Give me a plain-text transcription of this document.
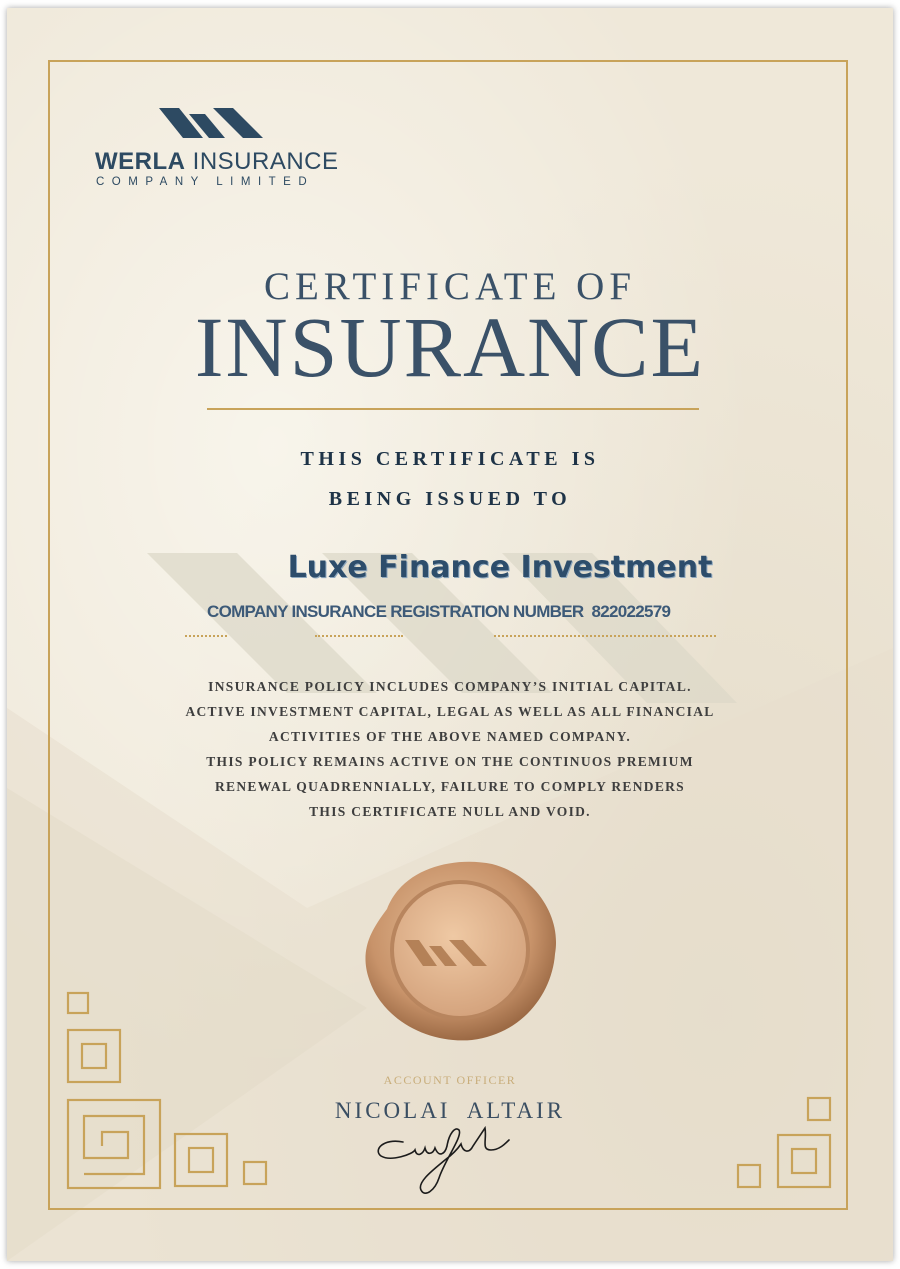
WERLA INSURANCE
COMPANY LIMITED
CERTIFICATE OF
INSURANCE
THIS CERTIFICATE IS
BEING ISSUED TO
Luxe Finance Investment
COMPANY INSURANCE REGISTRATION NUMBER 822022579
INSURANCE POLICY INCLUDES COMPANY’S INITIAL CAPITAL.
ACTIVE INVESTMENT CAPITAL, LEGAL AS WELL AS ALL FINANCIAL
ACTIVITIES OF THE ABOVE NAMED COMPANY.
THIS POLICY REMAINS ACTIVE ON THE CONTINUOS PREMIUM
RENEWAL QUADRENNIALLY, FAILURE TO COMPLY RENDERS
THIS CERTIFICATE NULL AND VOID.
ACCOUNT OFFICER
NICOLAI  ALTAIR
